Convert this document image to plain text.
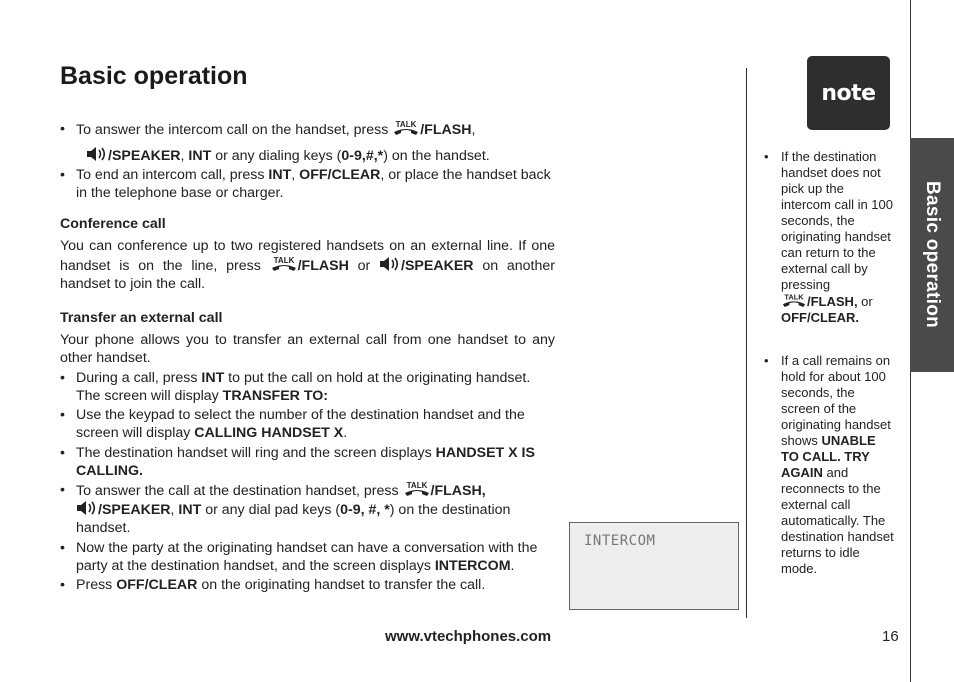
Basic operation
• To answer the intercom call on the handset, press /FLASH,
/SPEAKER, INT or any dialing keys (0-9,#,*) on the handset.
• To end an intercom call, press INT, OFF/CLEAR, or place the handset back in the telephone base or charger.
Conference call
You can conference up to two registered handsets on an external line. If one handset is on the line, press /FLASH or /SPEAKER on another handset to join the call.
Transfer an external call
Your phone allows you to transfer an external call from one handset to any other handset.
• During a call, press INT to put the call on hold at the originating handset. The screen will display TRANSFER TO:
• Use the keypad to select the number of the destination handset and the screen will display CALLING HANDSET X.
• The destination handset will ring and the screen displays HANDSET X IS CALLING.
• To answer the call at the destination handset, press /FLASH,
/SPEAKER, INT or any dial pad keys (0-9, #, *) on the destination handset.
• Now the party at the originating handset can have a conversation with the party at the destination handset, and the screen displays INTERCOM.
• Press OFF/CLEAR on the originating handset to transfer the call.
INTERCOM
Basic operation
note
• If the destination handset does not pick up the intercom call in 100 seconds, the originating handset can return to the external call by pressing
/FLASH, or
OFF/CLEAR.
• If a call remains on hold for about 100 seconds, the screen of the originating handset shows UNABLE TO CALL. TRY AGAIN and reconnects to the external call automatically. The destination handset returns to idle mode.
www.vtechphones.com	16
